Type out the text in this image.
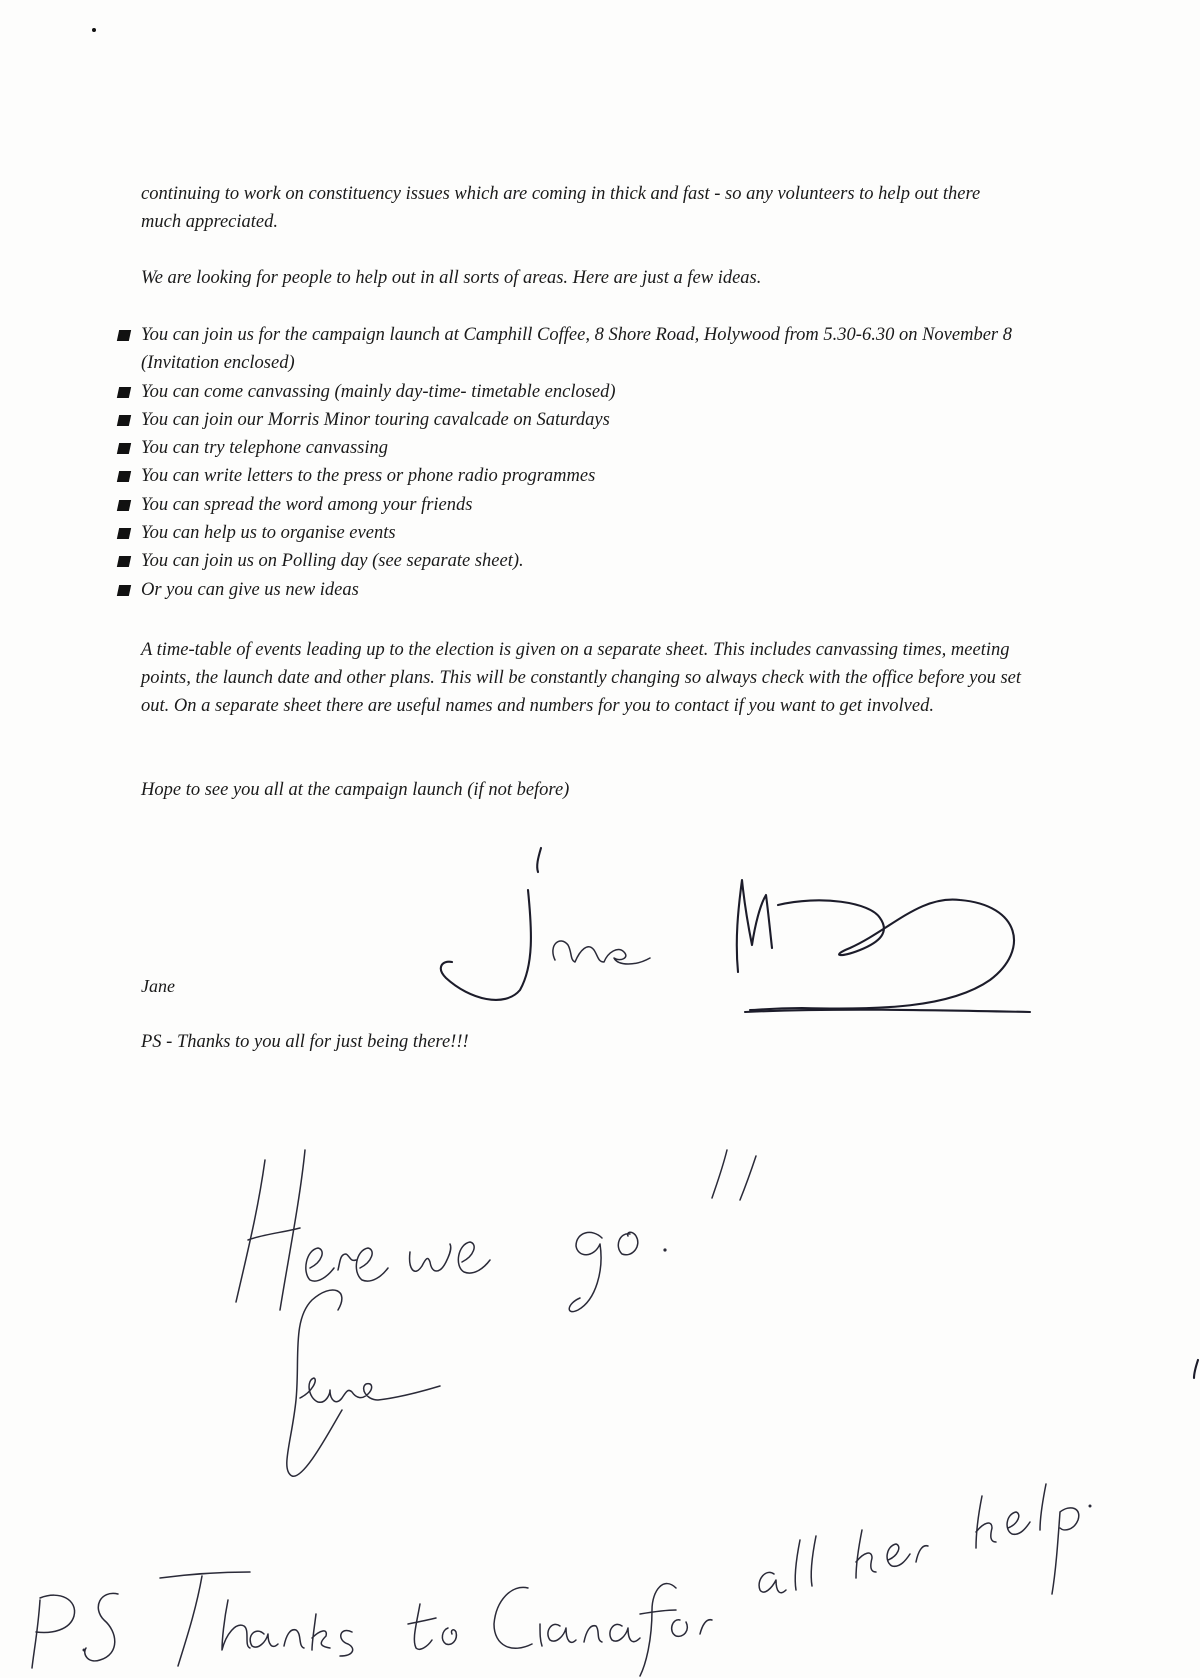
continuing to work on constituency issues which are coming in thick and fast - so any volunteers to help out there much appreciated.

We are looking for people to help out in all sorts of areas. Here are just a few ideas.

You can join us for the campaign launch at Camphill Coffee, 8 Shore Road, Holywood from 5.30-6.30 on November 8 (Invitation enclosed)
You can come canvassing (mainly day-time- timetable enclosed)
You can join our Morris Minor touring cavalcade on Saturdays
You can try telephone canvassing
You can write letters to the press or phone radio programmes
You can spread the word among your friends
You can help us to organise events
You can join us on Polling day (see separate sheet).
Or you can give us new ideas

A time-table of events leading up to the election is given on a separate sheet. This includes canvassing times, meeting points, the launch date and other plans. This will be constantly changing so always check with the office before you set out. On a separate sheet there are useful names and numbers for you to contact if you want to get involved.

Hope to see you all at the campaign launch (if not before)

Jane

PS - Thanks to you all for just being there!!!
